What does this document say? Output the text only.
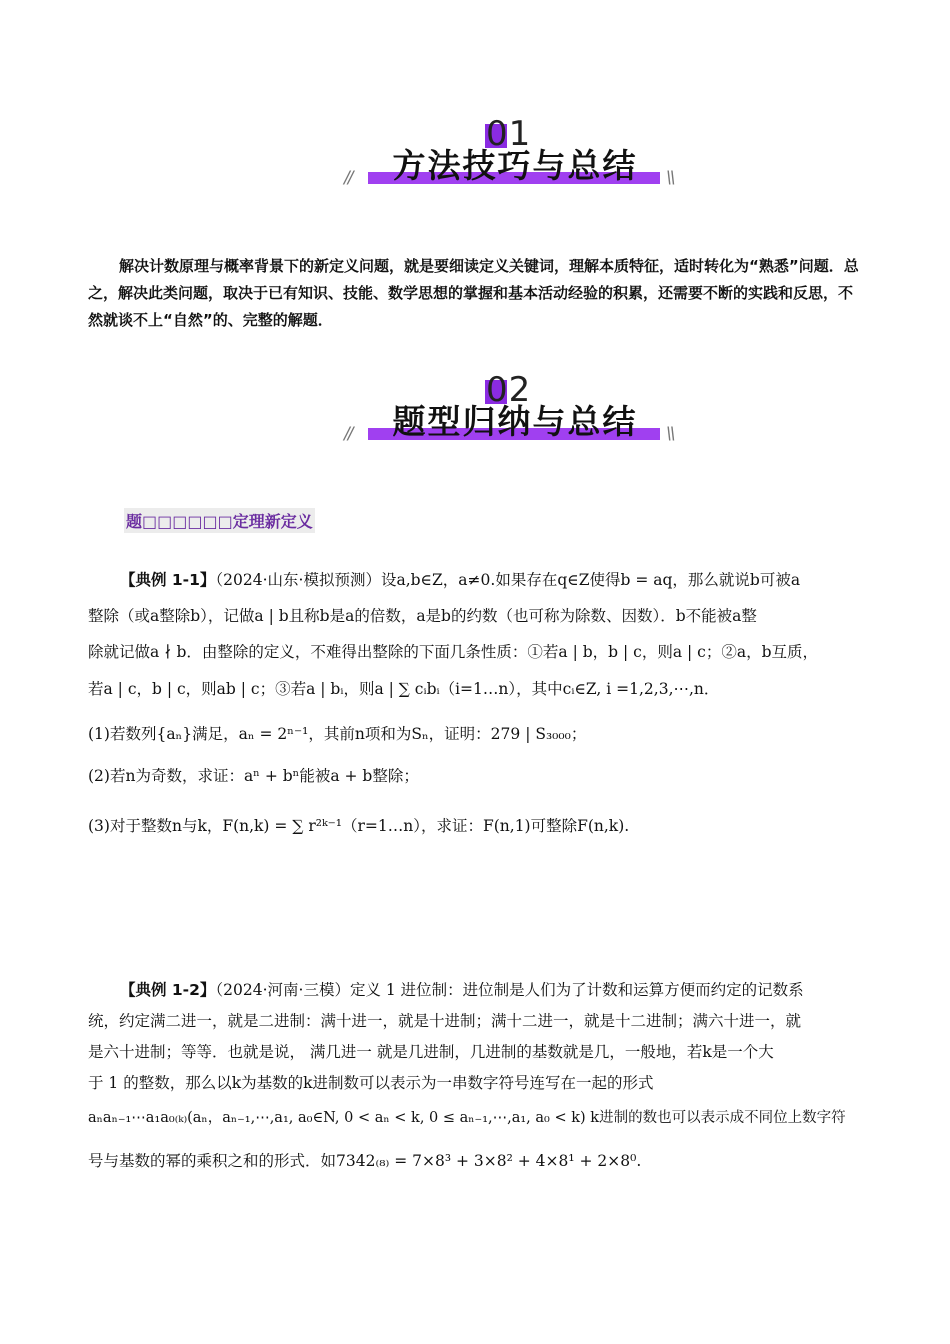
01
方法技巧与总结
//	\\
解决计数原理与概率背景下的新定义问题，就是要细读定义关键词，理解本质特征，适时转化为“熟悉”问题．总之，解决此类问题，取决于已有知识、技能、数学思想的掌握和基本活动经验的积累，还需要不断的实践和反思，不然就谈不上“自然”的、完整的解题．
02
题型归纳与总结
//	\\
题□□□□□□定理新定义
【典例 1-1】（2024·山东·模拟预测）设a,b∈Z，a≠0.如果存在q∈Z使得b = aq，那么就说b可被a
整除（或a整除b），记做a | b且称b是a的倍数，a是b的约数（也可称为除数、因数）．b不能被a整
除就记做a ∤ b．由整除的定义，不难得出整除的下面几条性质：①若a | b，b | c，则a | c；②a，b互质，
若a | c，b | c，则ab | c；③若a | bᵢ，则a | ∑ cᵢbᵢ（i=1…n），其中cᵢ∈Z, i =1,2,3,⋯,n．
(1)若数列{aₙ}满足，aₙ = 2ⁿ⁻¹，其前n项和为Sₙ，证明：279 | S₃₀₀₀；
(2)若n为奇数，求证：aⁿ + bⁿ能被a + b整除；
(3)对于整数n与k，F(n,k) = ∑ r²ᵏ⁻¹（r=1…n），求证：F(n,1)可整除F(n,k).
【典例 1-2】（2024·河南·三模）定义 1 进位制：进位制是人们为了计数和运算方便而约定的记数系
统，约定满二进一，就是二进制：满十进一，就是十进制；满十二进一，就是十二进制；满六十进一，就
是六十进制；等等．也就是说， 满几进一 就是几进制，几进制的基数就是几，一般地，若k是一个大
于 1 的整数，那么以k为基数的k进制数可以表示为一串数字符号连写在一起的形式
aₙaₙ₋₁⋯a₁a₀₍ₖ₎(aₙ，aₙ₋₁,⋯,a₁, a₀∈N, 0 < aₙ < k, 0 ≤ aₙ₋₁,⋯,a₁, a₀ < k) k进制的数也可以表示成不同位上数字符
号与基数的幂的乘积之和的形式．如7342₍₈₎ = 7×8³ + 3×8² + 4×8¹ + 2×8⁰.
